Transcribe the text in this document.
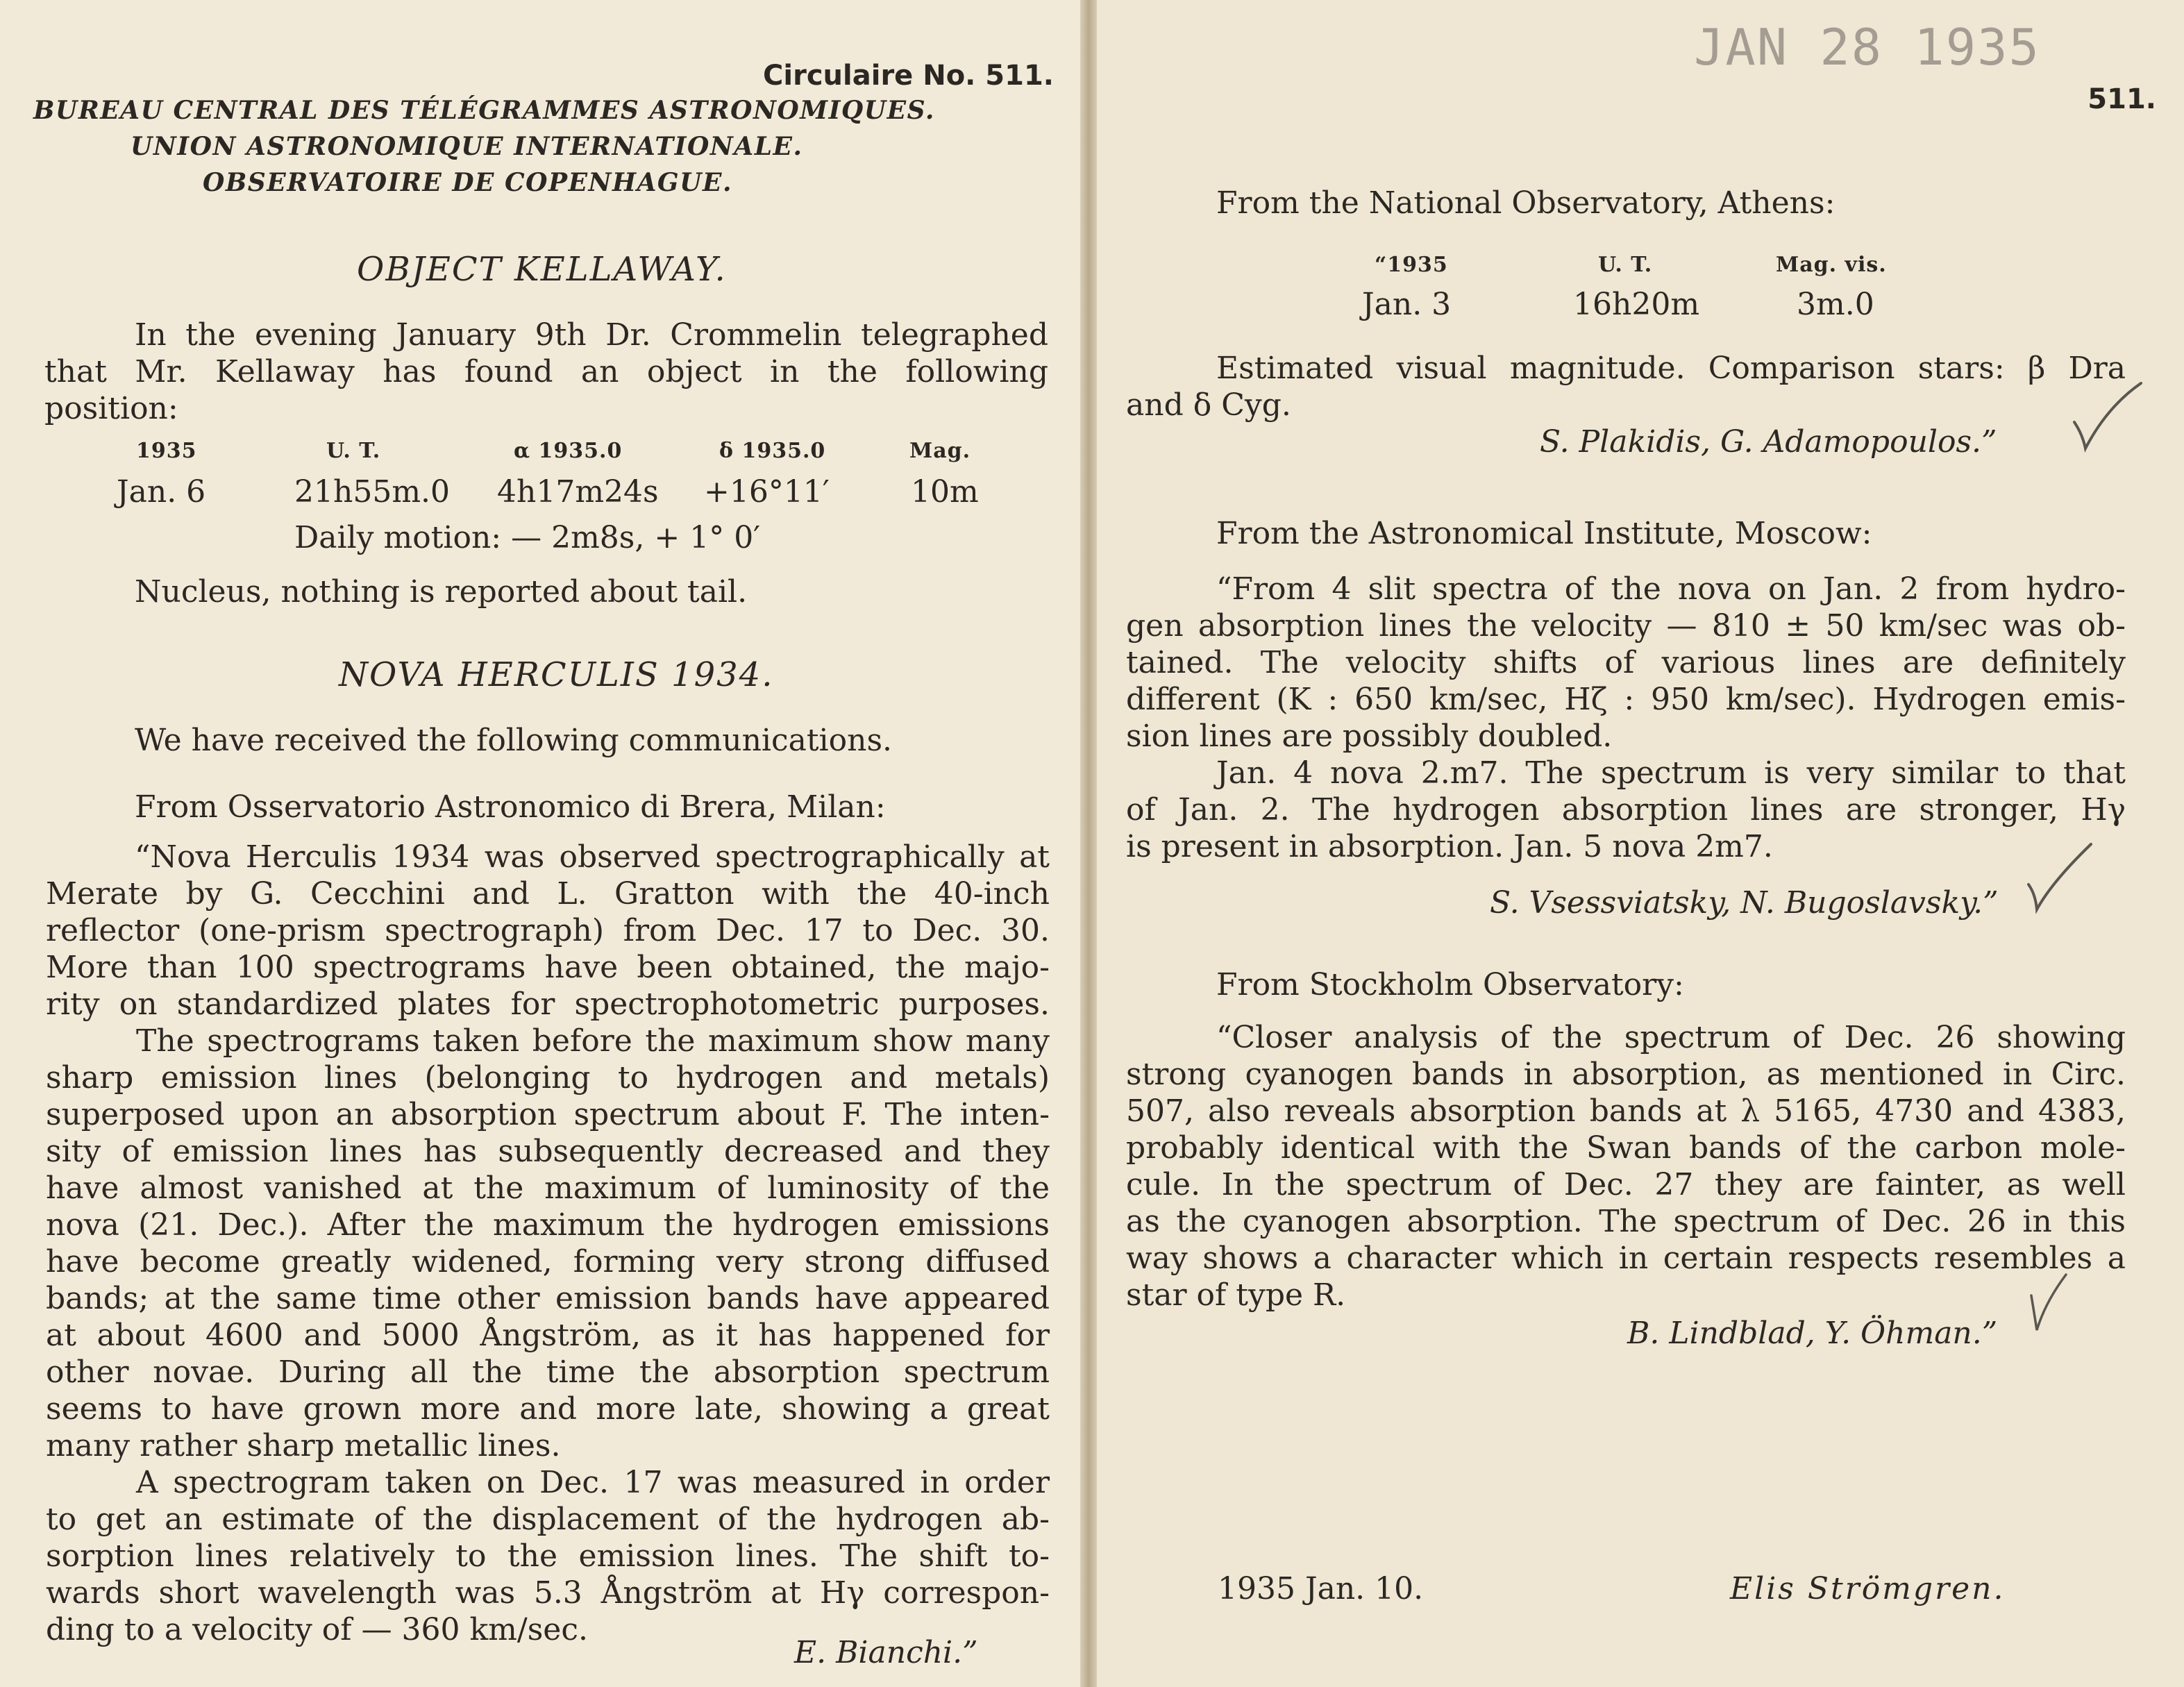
Circulaire No. 511.
BUREAU CENTRAL DES TÉLÉGRAMMES ASTRONOMIQUES.
UNION ASTRONOMIQUE INTERNATIONALE.
OBSERVATOIRE DE COPENHAGUE.
OBJECT KELLAWAY.
In the evening January 9th Dr. Crommelin telegraphed
that Mr. Kellaway has found an object in the following
position:
1935	U. T.	α 1935.0	δ 1935.0	Mag.
Jan. 6	21h55m.0 4h17m24s +16°11′	10m
Daily motion: — 2m8s, + 1° 0′
Nucleus, nothing is reported about tail.
NOVA HERCULIS 1934.
We have received the following communications.
From Osservatorio Astronomico di Brera, Milan:
“Nova Herculis 1934 was observed spectrographically at
Merate by G. Cecchini and L. Gratton with the 40-inch
reflector (one-prism spectrograph) from Dec. 17 to Dec. 30.
More than 100 spectrograms have been obtained, the majo-
rity on standardized plates for spectrophotometric purposes.
The spectrograms taken before the maximum show many
sharp emission lines (belonging to hydrogen and metals)
superposed upon an absorption spectrum about F. The inten-
sity of emission lines has subsequently decreased and they
have almost vanished at the maximum of luminosity of the
nova (21. Dec.). After the maximum the hydrogen emissions
have become greatly widened, forming very strong diffused
bands; at the same time other emission bands have appeared
at about 4600 and 5000 Ångström, as it has happened for
other novae. During all the time the absorption spectrum
seems to have grown more and more late, showing a great
many rather sharp metallic lines.
A spectrogram taken on Dec. 17 was measured in order
to get an estimate of the displacement of the hydrogen ab-
sorption lines relatively to the emission lines. The shift to-
wards short wavelength was 5.3 Ångström at Hγ correspon-
ding to a velocity of — 360 km/sec.
E. Bianchi.”
JAN 28 1935
511.
From the National Observatory, Athens:
“1935	U. T.	Mag. vis.
Jan. 3	16h20m	3m.0
Estimated visual magnitude. Comparison stars: β Dra
and δ Cyg.
S. Plakidis, G. Adamopoulos.”
From the Astronomical Institute, Moscow:
“From 4 slit spectra of the nova on Jan. 2 from hydro-
gen absorption lines the velocity — 810 ± 50 km/sec was ob-
tained. The velocity shifts of various lines are definitely
different (K : 650 km/sec, Hζ : 950 km/sec). Hydrogen emis-
sion lines are possibly doubled.
Jan. 4 nova 2.m7. The spectrum is very similar to that
of Jan. 2. The hydrogen absorption lines are stronger, Hγ
is present in absorption. Jan. 5 nova 2m7.
S. Vsessviatsky, N. Bugoslavsky.”
From Stockholm Observatory:
“Closer analysis of the spectrum of Dec. 26 showing
strong cyanogen bands in absorption, as mentioned in Circ.
507, also reveals absorption bands at λ 5165, 4730 and 4383,
probably identical with the Swan bands of the carbon mole-
cule. In the spectrum of Dec. 27 they are fainter, as well
as the cyanogen absorption. The spectrum of Dec. 26 in this
way shows a character which in certain respects resembles a
star of type R.
B. Lindblad, Y. Öhman.”
1935 Jan. 10.	Elis Strömgren.
